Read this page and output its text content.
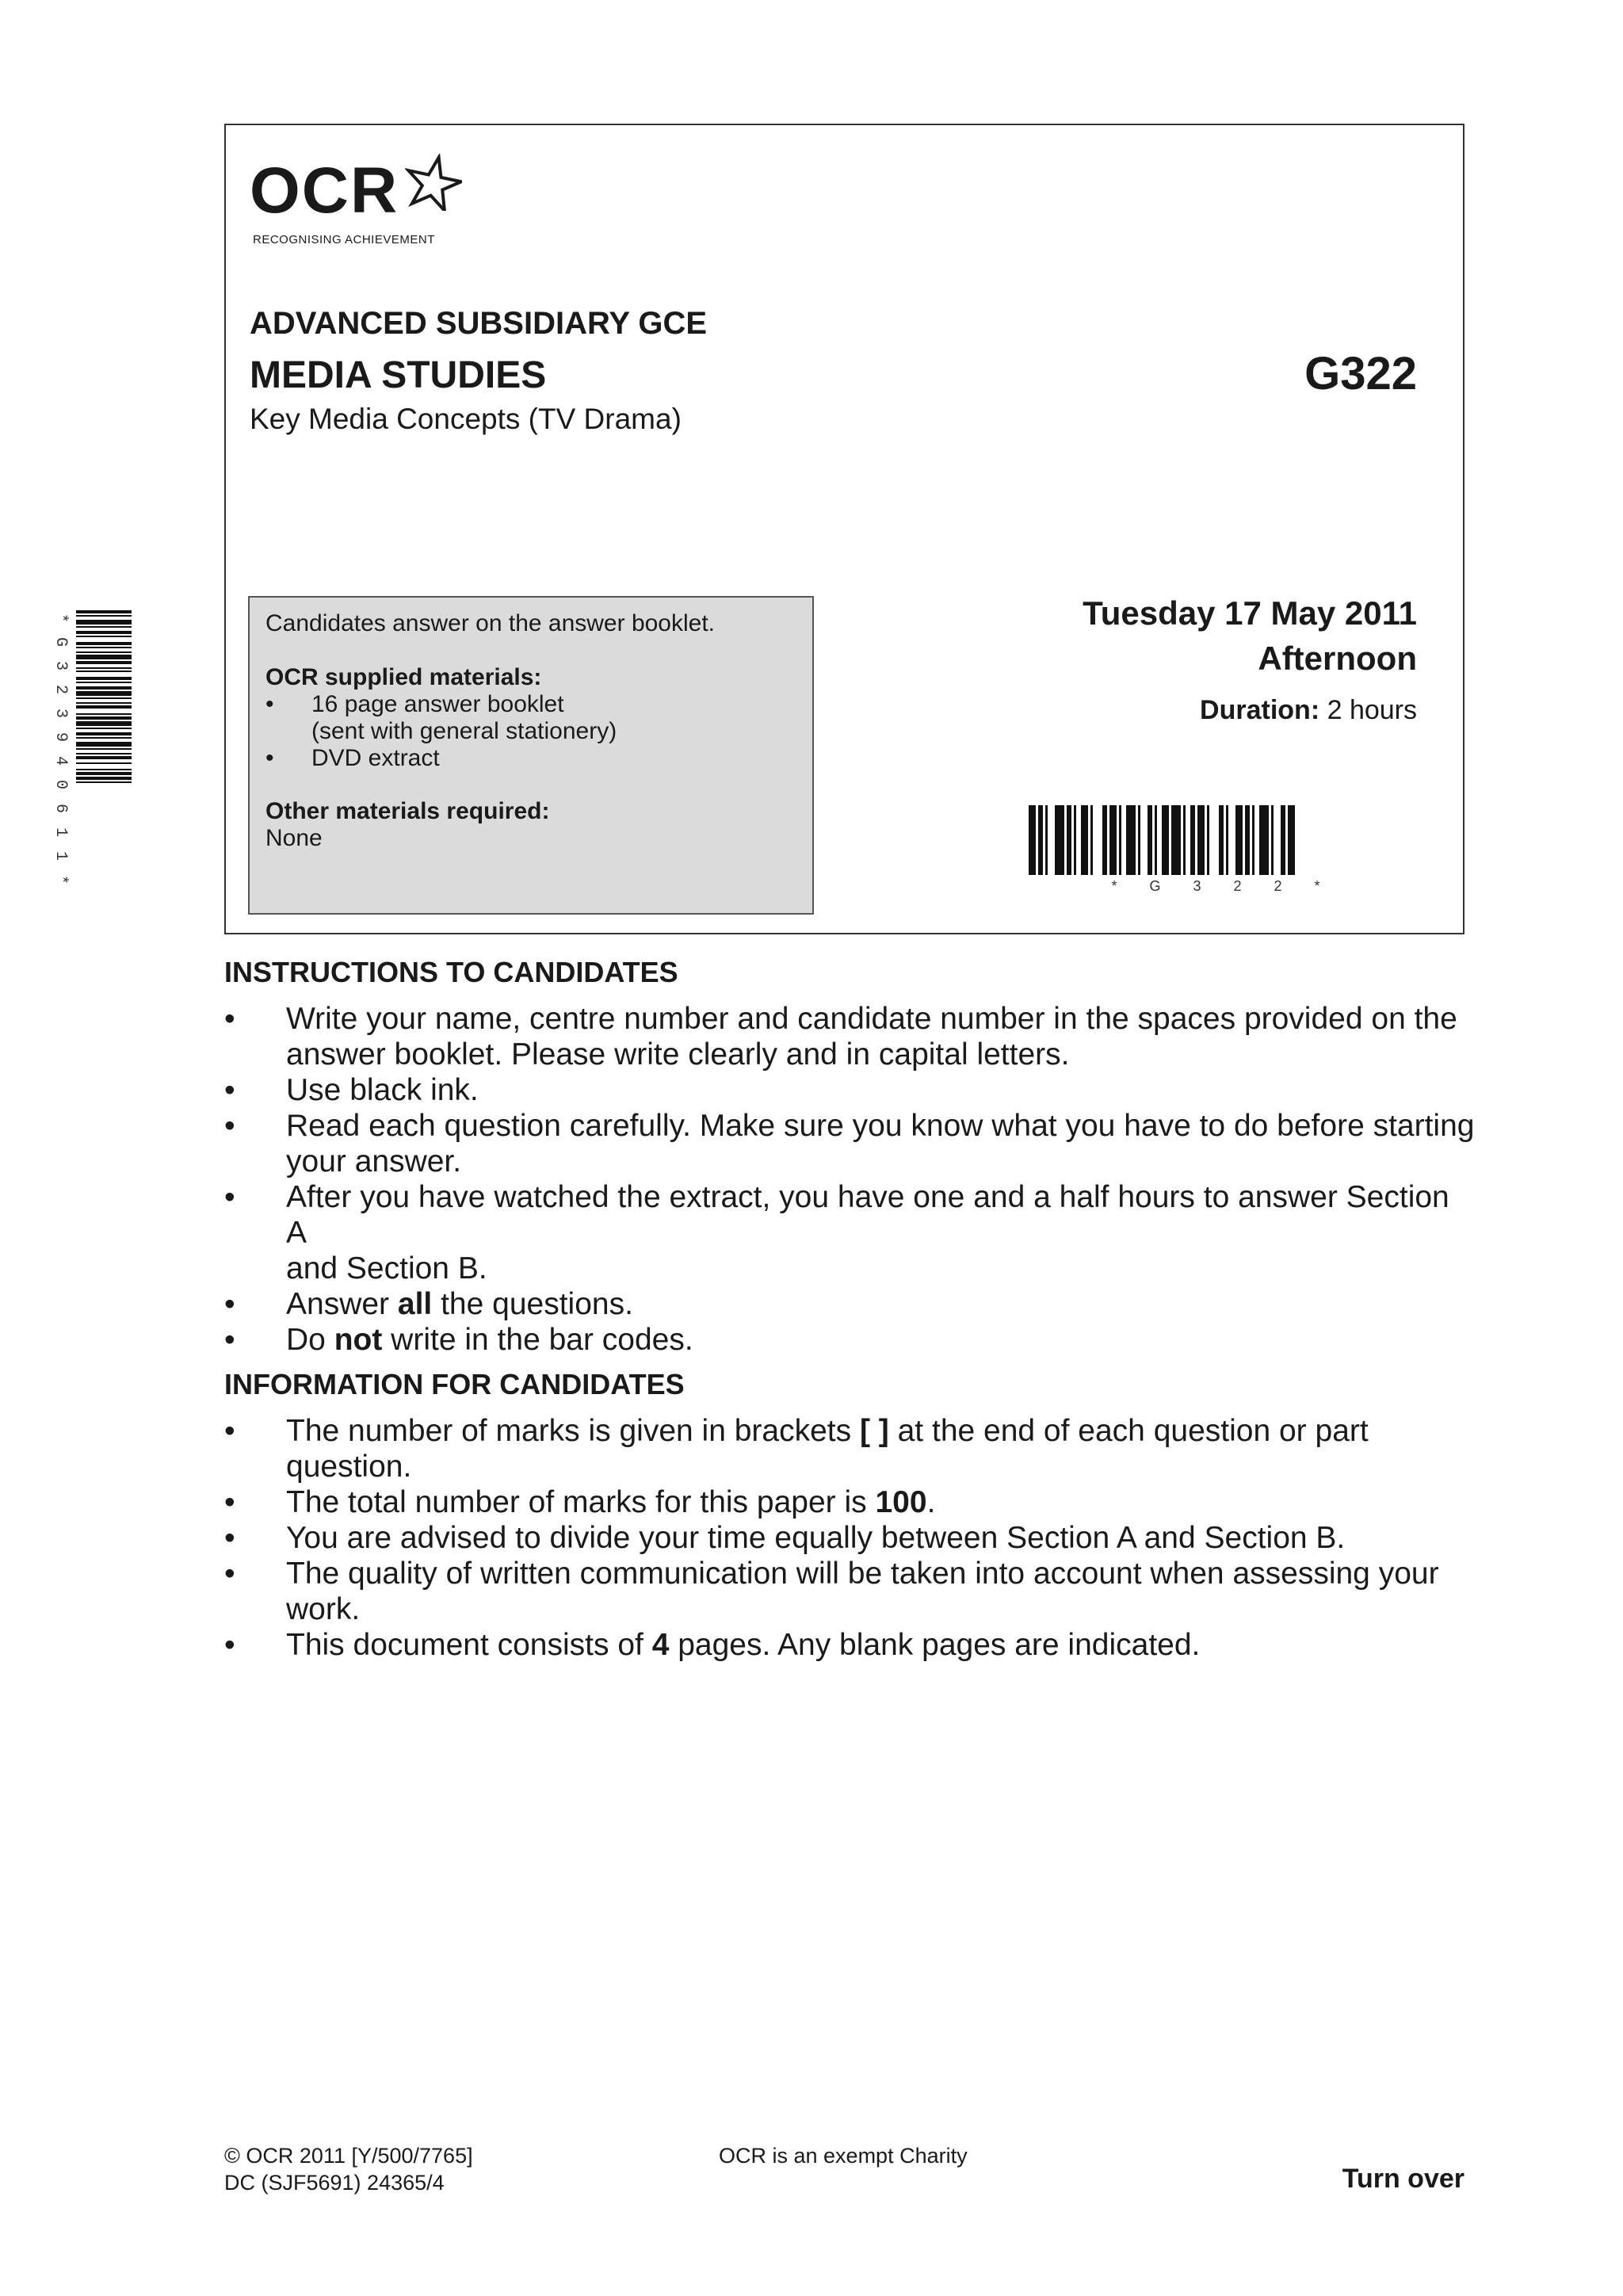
* G 3 2 3 9 4 0 6 1 1 *
OCR
RECOGNISING ACHIEVEMENT
ADVANCED SUBSIDIARY GCE
MEDIA STUDIES
Key Media Concepts (TV Drama)
G322
Candidates answer on the answer booklet.
OCR supplied materials:
• 16 page answer booklet
(sent with general stationery)
• DVD extract
Other materials required:
None
Tuesday 17 May 2011
Afternoon
Duration: 2 hours
* G 3 2 2 *
INSTRUCTIONS TO CANDIDATES
• Write your name, centre number and candidate number in the spaces provided on the
answer booklet. Please write clearly and in capital letters.
• Use black ink.
• Read each question carefully. Make sure you know what you have to do before starting
your answer.
• After you have watched the extract, you have one and a half hours to answer Section A
and Section B.
• Answer all the questions.
• Do not write in the bar codes.
INFORMATION FOR CANDIDATES
• The number of marks is given in brackets [ ] at the end of each question or part
question.
• The total number of marks for this paper is 100.
• You are advised to divide your time equally between Section A and Section B.
• The quality of written communication will be taken into account when assessing your
work.
• This document consists of 4 pages. Any blank pages are indicated.
© OCR 2011 [Y/500/7765]
DC (SJF5691) 24365/4
OCR is an exempt Charity
Turn over
